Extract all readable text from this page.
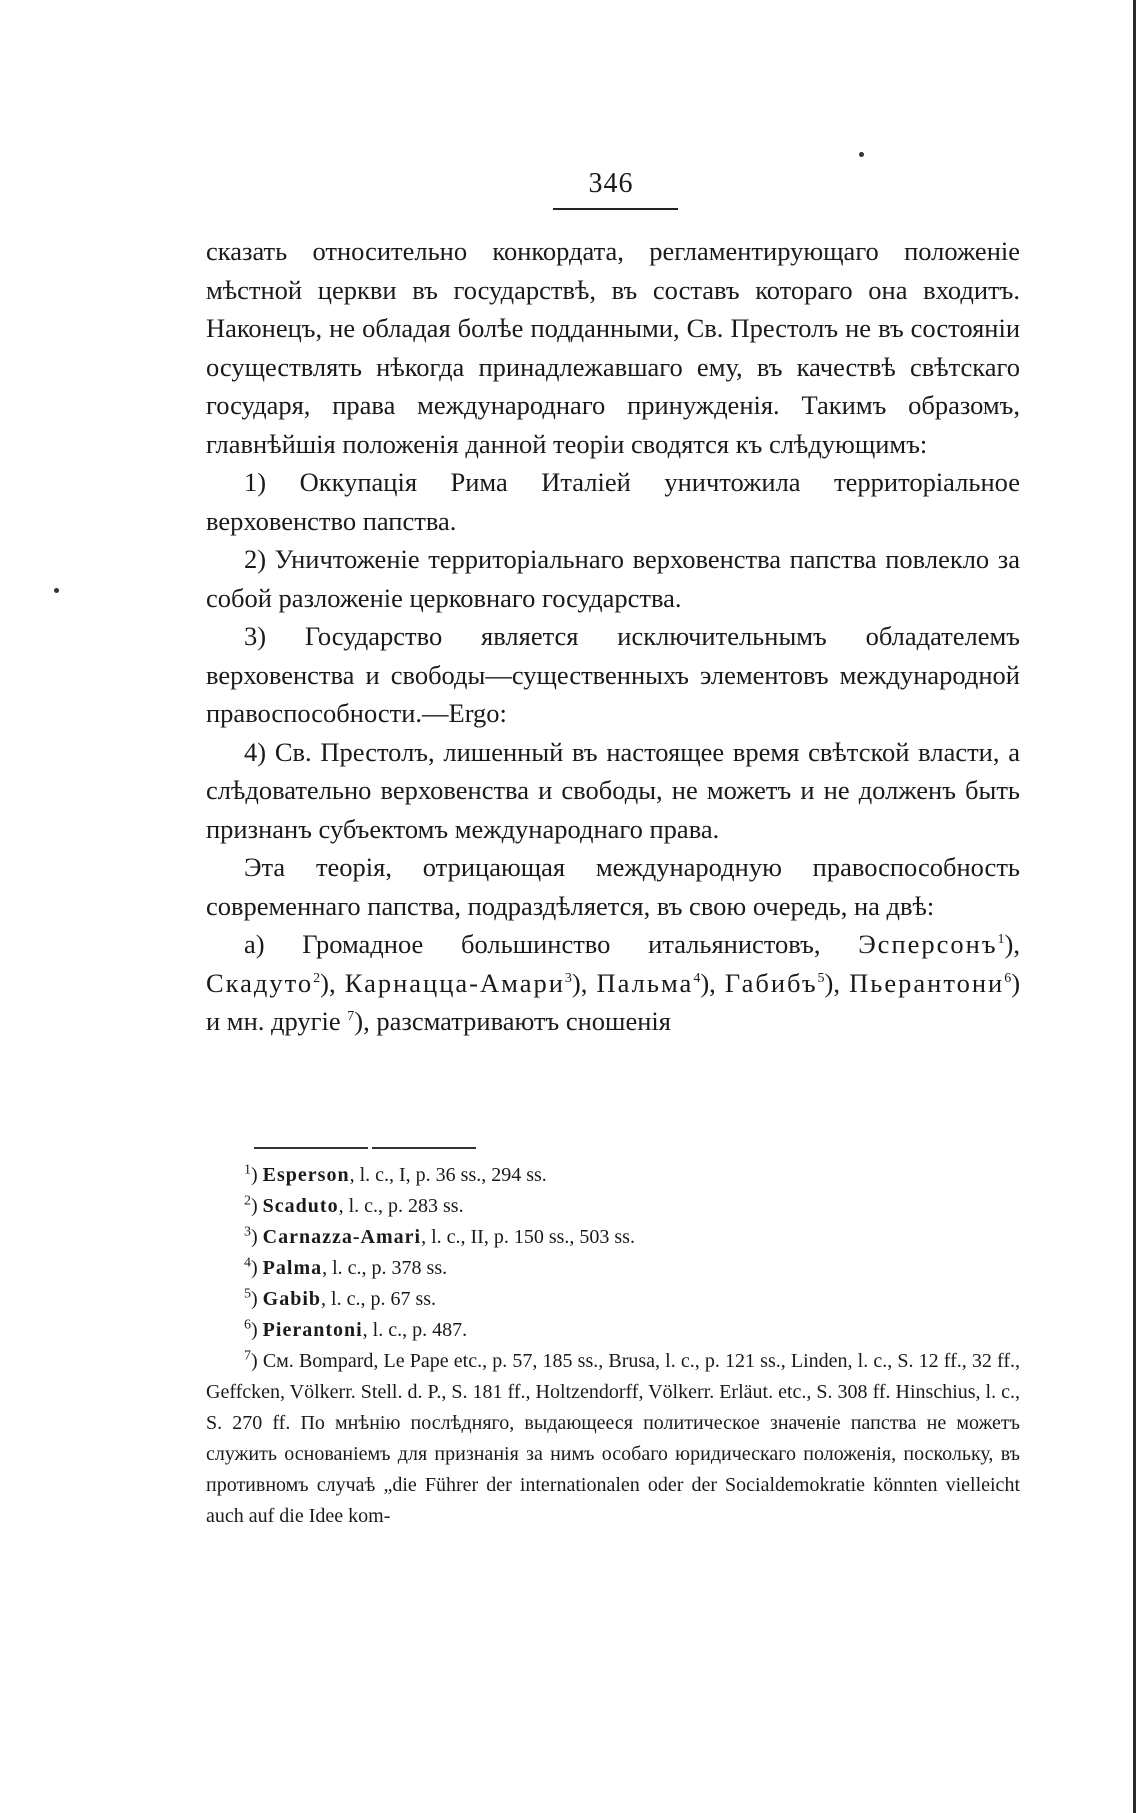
346

сказать относительно конкордата, регламентирующаго положеніе мѣстной церкви въ государствѣ, въ составъ котораго она входитъ. Наконецъ, не обладая болѣе подданными, Св. Престолъ не въ состояніи осуществлять нѣкогда принадлежавшаго ему, въ качествѣ свѣтскаго государя, права международнаго принужденія. Такимъ образомъ, главнѣйшія положенія данной теоріи сводятся къ слѣдующимъ:

1) Оккупація Рима Италіей уничтожила территоріальное верховенство папства.

2) Уничтоженіе территоріальнаго верховенства папства повлекло за собой разложеніе церковнаго государства.

3) Государство является исключительнымъ обладателемъ верховенства и свободы—существенныхъ элементовъ международной правоспособности.—Ergo:

4) Св. Престолъ, лишенный въ настоящее время свѣтской власти, а слѣдовательно верховенства и свободы, не можетъ и не долженъ быть признанъ субъектомъ международнаго права.

Эта теорія, отрицающая международную правоспособность современнаго папства, подраздѣляется, въ свою очередь, на двѣ:

а) Громадное большинство итальянистовъ, Эсперсонъ$^1$), Скадуто$^2$), Карнацца-Амари$^3$), Пальма$^4$), Габибъ$^5$), Пьерантони$^6$) и мн. другіе $^7$), разсматриваютъ сношенія

$^1$) Esperson, l. c., I, p. 36 ss., 294 ss.

$^2$) Scaduto, l. c., p. 283 ss.

$^3$) Carnazza-Amari, l. c., II, p. 150 ss., 503 ss.

$^4$) Palma, l. c., p. 378 ss.

$^5$) Gabib, l. c., p. 67 ss.

$^6$) Pierantoni, l. c., p. 487.

$^7$) См. Bompard, Le Pape etc., p. 57, 185 ss., Brusa, l. c., p. 121 ss., Linden, l. c., S. 12 ff., 32 ff., Geffcken, Völkerr. Stell. d. P., S. 181 ff., Holtzendorff, Völkerr. Erläut. etc., S. 308 ff. Hinschius, l. c., S. 270 ff. По мнѣнію послѣдняго, выдающееся политическое значеніе папства не можетъ служить основаніемъ для признанія за нимъ особаго юридическаго положенія, поскольку, въ противномъ случаѣ „die Führer der internationalen oder der Socialdemokratie könnten vielleicht auch auf die Idee kom-
